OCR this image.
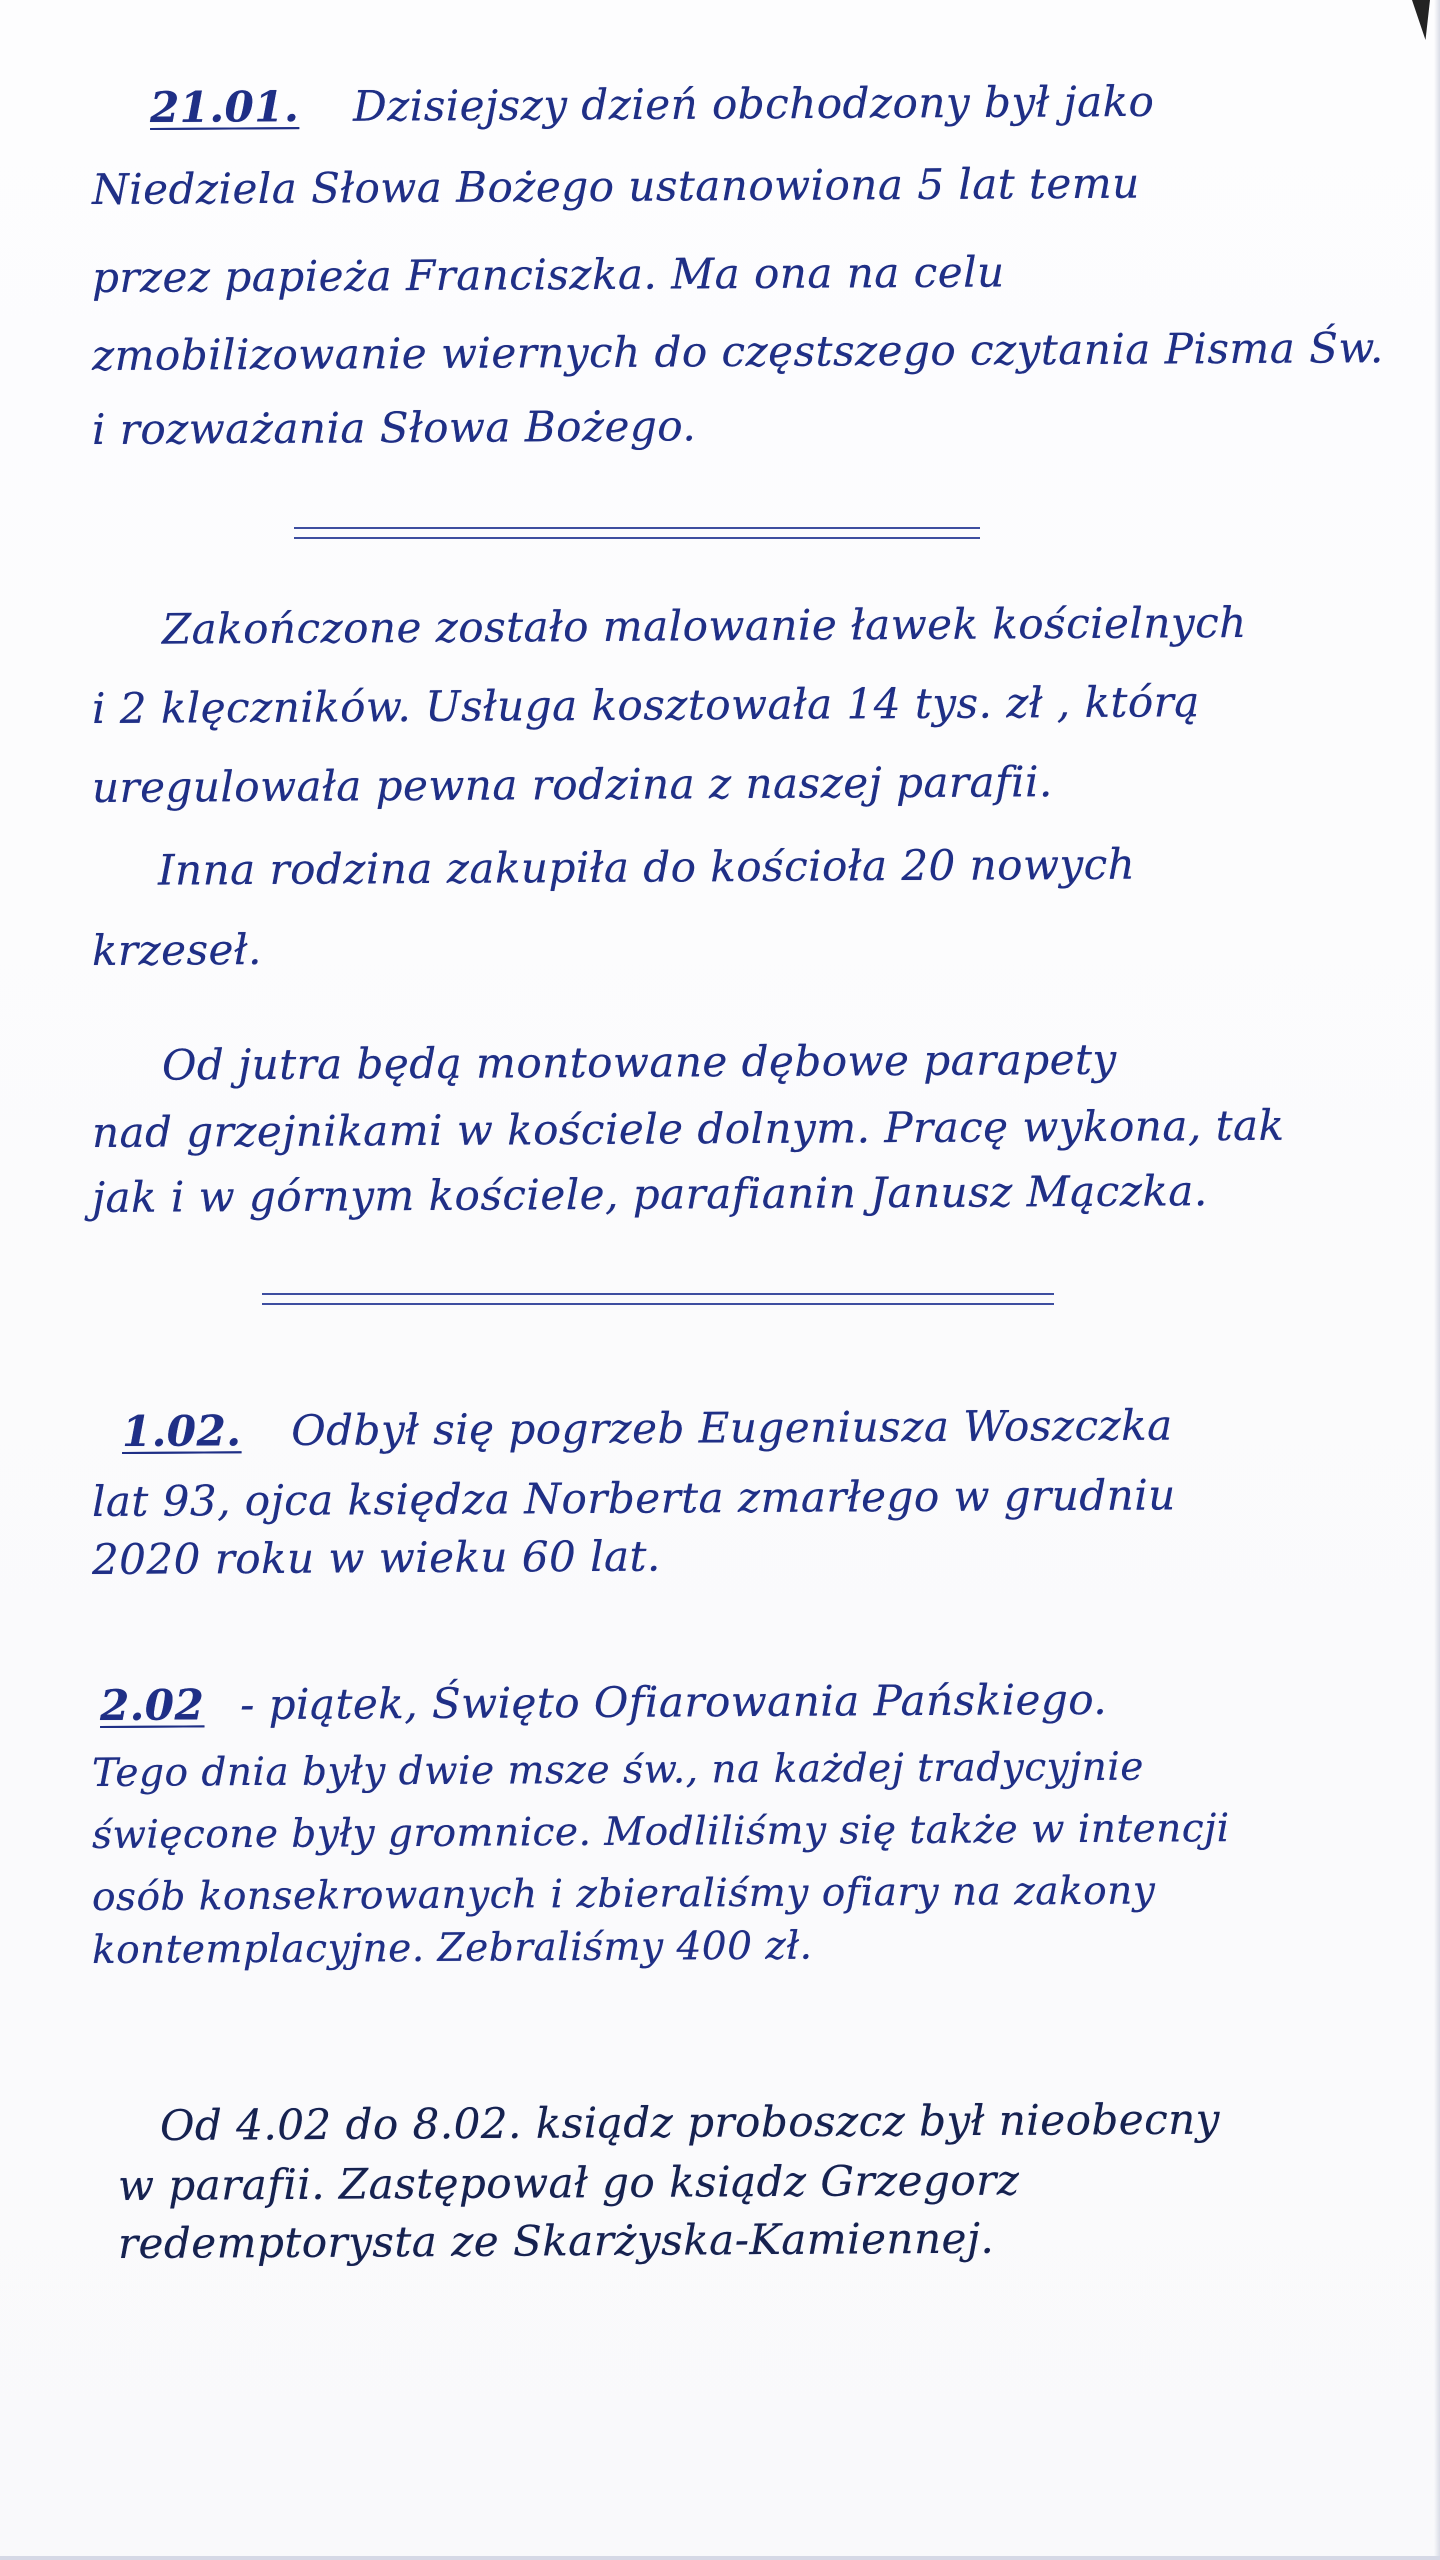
21.01. Dzisiejszy dzień obchodzony był jako
Niedziela Słowa Bożego ustanowiona 5 lat temu
przez papieża Franciszka. Ma ona na celu
zmobilizowanie wiernych do częstszego czytania Pisma Św.
i rozważania Słowa Bożego.
Zakończone zostało malowanie ławek kościelnych
i 2 klęczników. Usługa kosztowała 14 tys. zł , którą
uregulowała pewna rodzina z naszej parafii.
Inna rodzina zakupiła do kościoła 20 nowych
krzeseł.
Od jutra będą montowane dębowe parapety
nad grzejnikami w kościele dolnym. Pracę wykona, tak
jak i w górnym kościele, parafianin Janusz Mączka.
1.02. Odbył się pogrzeb Eugeniusza Woszczka
lat 93, ojca księdza Norberta zmarłego w grudniu
2020 roku w wieku 60 lat.
2.02 - piątek, Święto Ofiarowania Pańskiego.
Tego dnia były dwie msze św., na każdej tradycyjnie
święcone były gromnice. Modliliśmy się także w intencji
osób konsekrowanych i zbieraliśmy ofiary na zakony
kontemplacyjne. Zebraliśmy 400 zł.
Od 4.02 do 8.02. ksiądz proboszcz był nieobecny
w parafii. Zastępował go ksiądz Grzegorz
redemptorysta ze Skarżyska-Kamiennej.
